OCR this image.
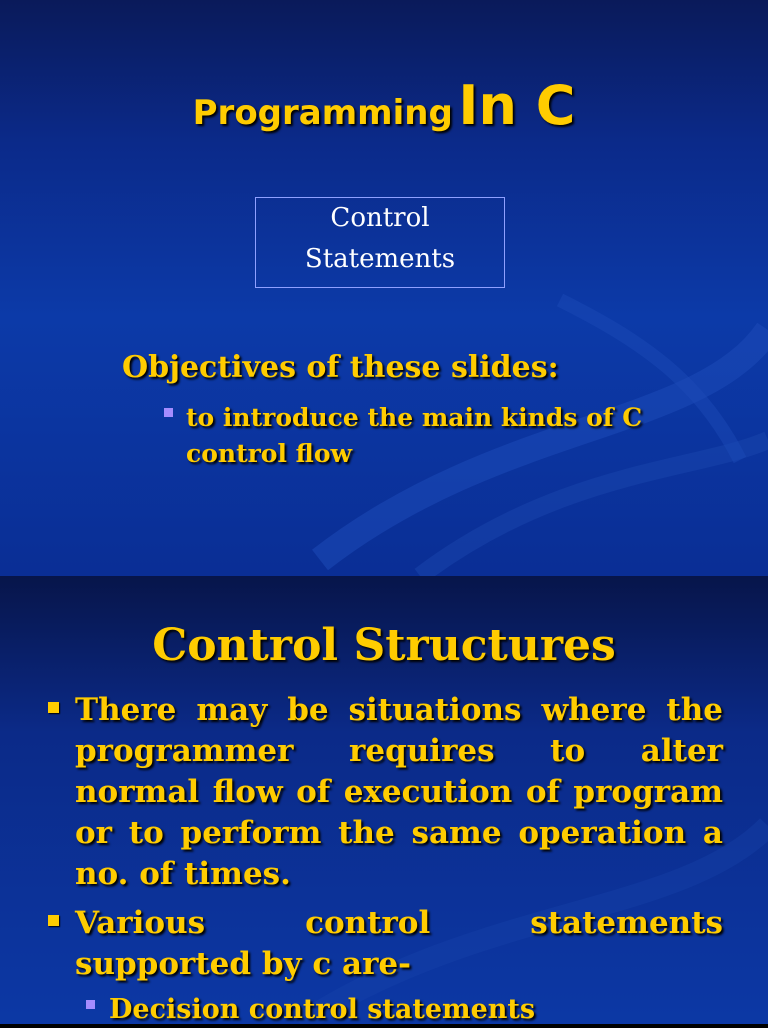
Programming In C
Control
Statements
Objectives of these slides:
to introduce the main kinds of C control flow
Control Structures
There may be situations where the programmer requires to alter normal flow of execution of program or to perform the same operation a no. of times.
Various control statements
supported by c are-
Decision control statements
